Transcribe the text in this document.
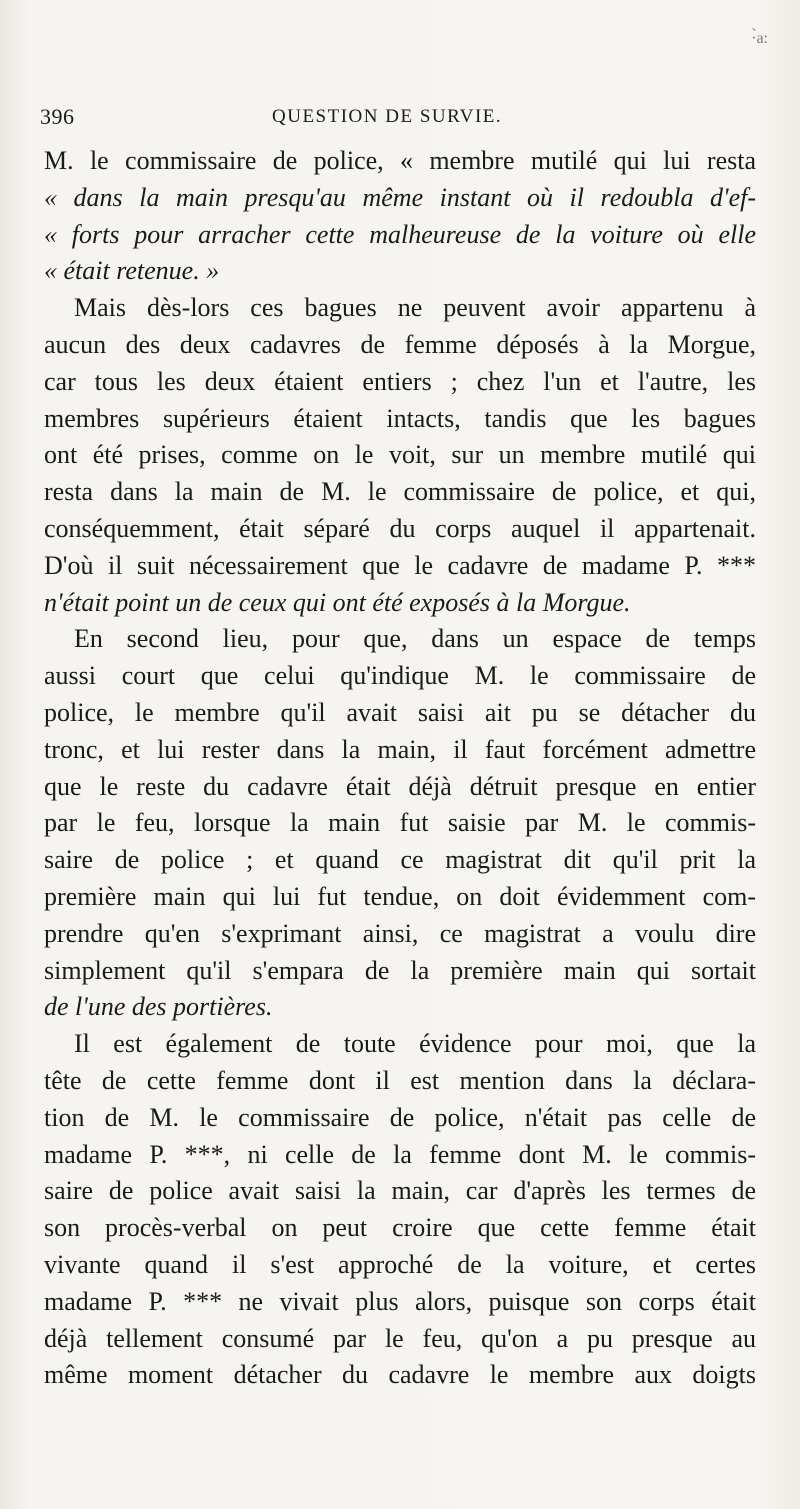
·̀a:
396	QUESTION DE SURVIE.
M. le commissaire de police, « membre mutilé qui lui resta
« dans la main presqu'au même instant où il redoubla d'ef-
« forts pour arracher cette malheureuse de la voiture où elle
« était retenue. »
Mais dès-lors ces bagues ne peuvent avoir appartenu à
aucun des deux cadavres de femme déposés à la Morgue,
car tous les deux étaient entiers ; chez l'un et l'autre, les
membres supérieurs étaient intacts, tandis que les bagues
ont été prises, comme on le voit, sur un membre mutilé qui
resta dans la main de M. le commissaire de police, et qui,
conséquemment, était séparé du corps auquel il appartenait.
D'où il suit nécessairement que le cadavre de madame P. ***
n'était point un de ceux qui ont été exposés à la Morgue.
En second lieu, pour que, dans un espace de temps
aussi court que celui qu'indique M. le commissaire de
police, le membre qu'il avait saisi ait pu se détacher du
tronc, et lui rester dans la main, il faut forcément admettre
que le reste du cadavre était déjà détruit presque en entier
par le feu, lorsque la main fut saisie par M. le commis-
saire de police ; et quand ce magistrat dit qu'il prit la
première main qui lui fut tendue, on doit évidemment com-
prendre qu'en s'exprimant ainsi, ce magistrat a voulu dire
simplement qu'il s'empara de la première main qui sortait
de l'une des portières.
Il est également de toute évidence pour moi, que la
tête de cette femme dont il est mention dans la déclara-
tion de M. le commissaire de police, n'était pas celle de
madame P. ***, ni celle de la femme dont M. le commis-
saire de police avait saisi la main, car d'après les termes de
son procès-verbal on peut croire que cette femme était
vivante quand il s'est approché de la voiture, et certes
madame P. *** ne vivait plus alors, puisque son corps était
déjà tellement consumé par le feu, qu'on a pu presque au
même moment détacher du cadavre le membre aux doigts
